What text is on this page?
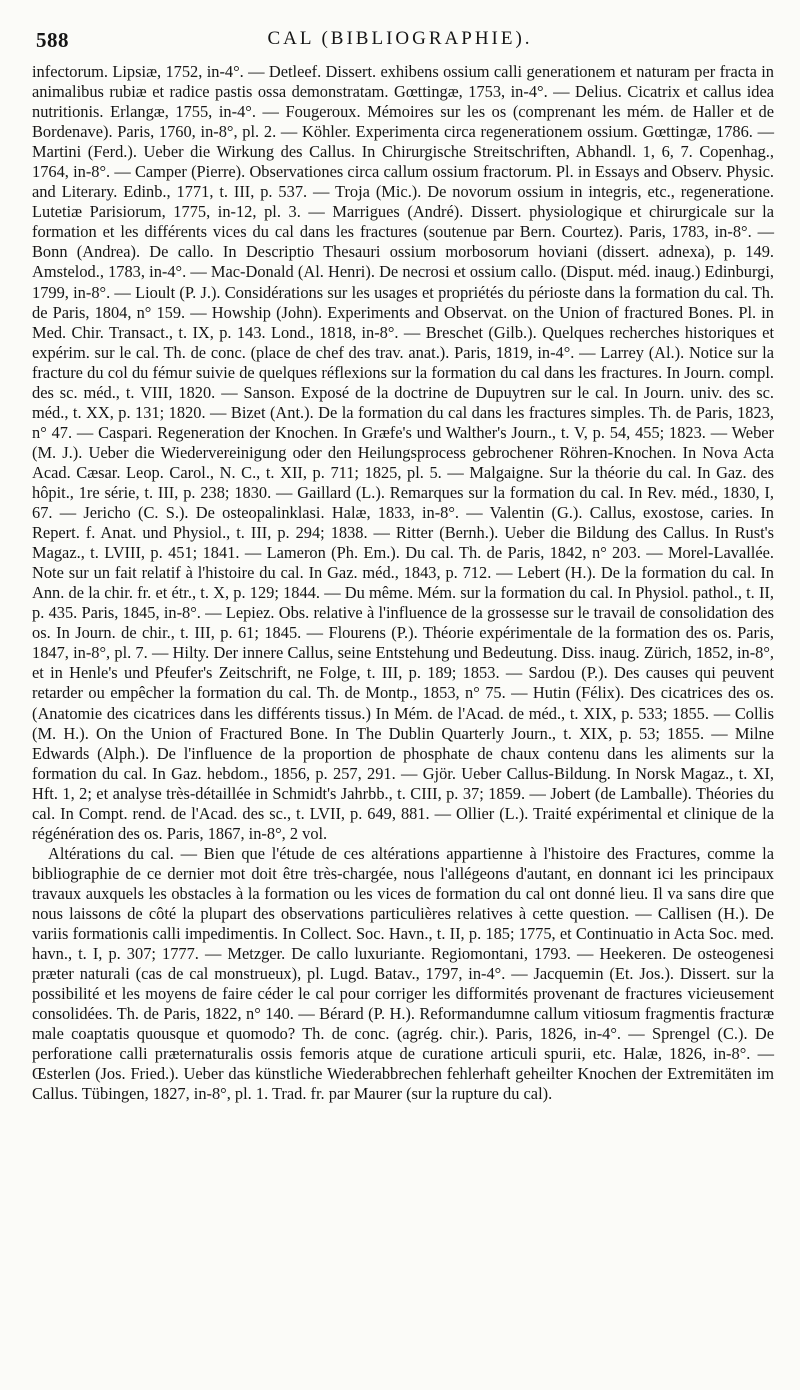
588	CAL (BIBLIOGRAPHIE).

infectorum. Lipsiæ, 1752, in-4°. — Detleef. Dissert. exhibens ossium calli generationem et naturam per fracta in animalibus rubiæ et radice pastis ossa demonstratam. Gœttingæ, 1753, in-4°. — Delius. Cicatrix et callus idea nutritionis. Erlangæ, 1755, in-4°. — Fougeroux. Mémoires sur les os (comprenant les mém. de Haller et de Bordenave). Paris, 1760, in-8°, pl. 2. — Köhler. Experimenta circa regenerationem ossium. Gœttingæ, 1786. — Martini (Ferd.). Ueber die Wirkung des Callus. In Chirurgische Streitschriften, Abhandl. 1, 6, 7. Copenhag., 1764, in-8°. — Camper (Pierre). Observationes circa callum ossium fractorum. Pl. in Essays and Observ. Physic. and Literary. Edinb., 1771, t. III, p. 537. — Troja (Mic.). De novorum ossium in integris, etc., regeneratione. Lutetiæ Parisiorum, 1775, in-12, pl. 3. — Marrigues (André). Dissert. physiologique et chirurgicale sur la formation et les différents vices du cal dans les fractures (soutenue par Bern. Courtez). Paris, 1783, in-8°. — Bonn (Andrea). De callo. In Descriptio Thesauri ossium morbosorum hoviani (dissert. adnexa), p. 149. Amstelod., 1783, in-4°. — Mac-Donald (Al. Henri). De necrosi et ossium callo. (Disput. méd. inaug.) Edinburgi, 1799, in-8°. — Lioult (P. J.). Considérations sur les usages et propriétés du périoste dans la formation du cal. Th. de Paris, 1804, n° 159. — Howship (John). Experiments and Observat. on the Union of fractured Bones. Pl. in Med. Chir. Transact., t. IX, p. 143. Lond., 1818, in-8°. — Breschet (Gilb.). Quelques recherches historiques et expérim. sur le cal. Th. de conc. (place de chef des trav. anat.). Paris, 1819, in-4°. — Larrey (Al.). Notice sur la fracture du col du fémur suivie de quelques réflexions sur la formation du cal dans les fractures. In Journ. compl. des sc. méd., t. VIII, 1820. — Sanson. Exposé de la doctrine de Dupuytren sur le cal. In Journ. univ. des sc. méd., t. XX, p. 131; 1820. — Bizet (Ant.). De la formation du cal dans les fractures simples. Th. de Paris, 1823, n° 47. — Caspari. Regeneration der Knochen. In Græfe's und Walther's Journ., t. V, p. 54, 455; 1823. — Weber (M. J.). Ueber die Wiedervereinigung oder den Heilungsprocess gebrochener Röhren-Knochen. In Nova Acta Acad. Cæsar. Leop. Carol., N. C., t. XII, p. 711; 1825, pl. 5. — Malgaigne. Sur la théorie du cal. In Gaz. des hôpit., 1re série, t. III, p. 238; 1830. — Gaillard (L.). Remarques sur la formation du cal. In Rev. méd., 1830, I, 67. — Jericho (C. S.). De osteopalinklasi. Halæ, 1833, in-8°. — Valentin (G.). Callus, exostose, caries. In Repert. f. Anat. und Physiol., t. III, p. 294; 1838. — Ritter (Bernh.). Ueber die Bildung des Callus. In Rust's Magaz., t. LVIII, p. 451; 1841. — Lameron (Ph. Em.). Du cal. Th. de Paris, 1842, n° 203. — Morel-Lavallée. Note sur un fait relatif à l'histoire du cal. In Gaz. méd., 1843, p. 712. — Lebert (H.). De la formation du cal. In Ann. de la chir. fr. et étr., t. X, p. 129; 1844. — Du même. Mém. sur la formation du cal. In Physiol. pathol., t. II, p. 435. Paris, 1845, in-8°. — Lepiez. Obs. relative à l'influence de la grossesse sur le travail de consolidation des os. In Journ. de chir., t. III, p. 61; 1845. — Flourens (P.). Théorie expérimentale de la formation des os. Paris, 1847, in-8°, pl. 7. — Hilty. Der innere Callus, seine Entstehung und Bedeutung. Diss. inaug. Zürich, 1852, in-8°, et in Henle's und Pfeufer's Zeitschrift, ne Folge, t. III, p. 189; 1853. — Sardou (P.). Des causes qui peuvent retarder ou empêcher la formation du cal. Th. de Montp., 1853, n° 75. — Hutin (Félix). Des cicatrices des os. (Anatomie des cicatrices dans les différents tissus.) In Mém. de l'Acad. de méd., t. XIX, p. 533; 1855. — Collis (M. H.). On the Union of Fractured Bone. In The Dublin Quarterly Journ., t. XIX, p. 53; 1855. — Milne Edwards (Alph.). De l'influence de la proportion de phosphate de chaux contenu dans les aliments sur la formation du cal. In Gaz. hebdom., 1856, p. 257, 291. — Gjör. Ueber Callus-Bildung. In Norsk Magaz., t. XI, Hft. 1, 2; et analyse très-détaillée in Schmidt's Jahrbb., t. CIII, p. 37; 1859. — Jobert (de Lamballe). Théories du cal. In Compt. rend. de l'Acad. des sc., t. LVII, p. 649, 881. — Ollier (L.). Traité expérimental et clinique de la régénération des os. Paris, 1867, in-8°, 2 vol.

Altérations du cal. — Bien que l'étude de ces altérations appartienne à l'histoire des Fractures, comme la bibliographie de ce dernier mot doit être très-chargée, nous l'allégeons d'autant, en donnant ici les principaux travaux auxquels les obstacles à la formation ou les vices de formation du cal ont donné lieu. Il va sans dire que nous laissons de côté la plupart des observations particulières relatives à cette question. — Callisen (H.). De variis formationis calli impedimentis. In Collect. Soc. Havn., t. II, p. 185; 1775, et Continuatio in Acta Soc. med. havn., t. I, p. 307; 1777. — Metzger. De callo luxuriante. Regiomontani, 1793. — Heekeren. De osteogenesi præter naturali (cas de cal monstrueux), pl. Lugd. Batav., 1797, in-4°. — Jacquemin (Et. Jos.). Dissert. sur la possibilité et les moyens de faire céder le cal pour corriger les difformités provenant de fractures vicieusement consolidées. Th. de Paris, 1822, n° 140. — Bérard (P. H.). Reformandumne callum vitiosum fragmentis fracturæ male coaptatis quousque et quomodo? Th. de conc. (agrég. chir.). Paris, 1826, in-4°. — Sprengel (C.). De perforatione calli præternaturalis ossis femoris atque de curatione articuli spurii, etc. Halæ, 1826, in-8°. — Œsterlen (Jos. Fried.). Ueber das künstliche Wiederabbrechen fehlerhaft geheilter Knochen der Extremitäten im Callus. Tübingen, 1827, in-8°, pl. 1. Trad. fr. par Maurer (sur la rupture du cal).
